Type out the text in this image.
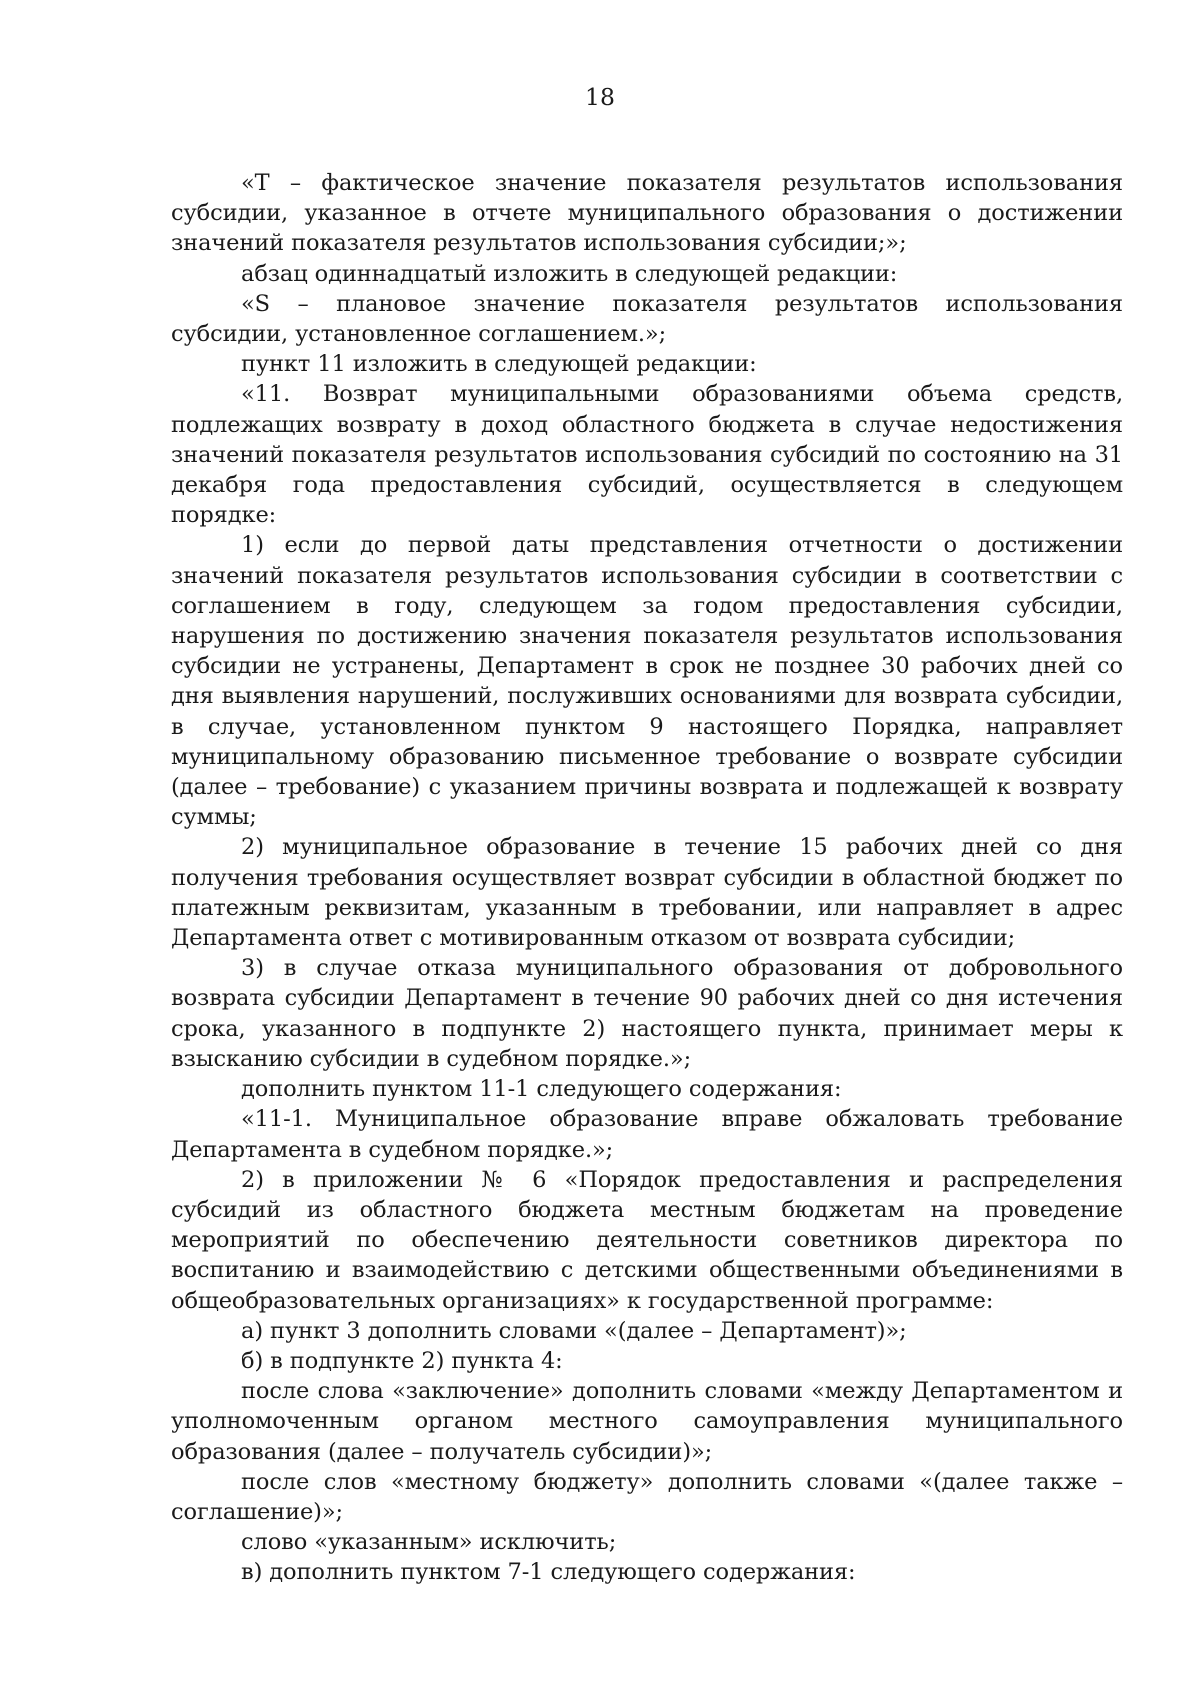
18

«Т – фактическое значение показателя результатов использования субсидии, указанное в отчете муниципального образования о достижении значений показателя результатов использования субсидии;»;

абзац одиннадцатый изложить в следующей редакции:

«S – плановое значение показателя результатов использования субсидии, установленное соглашением.»;

пункт 11 изложить в следующей редакции:

«11. Возврат муниципальными образованиями объема средств, подлежащих возврату в доход областного бюджета в случае недостижения значений показателя результатов использования субсидий по состоянию на 31 декабря года предоставления субсидий, осуществляется в следующем порядке:

1) если до первой даты представления отчетности о достижении значений показателя результатов использования субсидии в соответствии с соглашением в году, следующем за годом предоставления субсидии, нарушения по достижению значения показателя результатов использования субсидии не устранены, Департамент в срок не позднее 30 рабочих дней со дня выявления нарушений, послуживших основаниями для возврата субсидии, в случае, установленном пунктом 9 настоящего Порядка, направляет муниципальному образованию письменное требование о возврате субсидии (далее – требование) с указанием причины возврата и подлежащей к возврату суммы;

2) муниципальное образование в течение 15 рабочих дней со дня получения требования осуществляет возврат субсидии в областной бюджет по платежным реквизитам, указанным в требовании, или направляет в адрес Департамента ответ с мотивированным отказом от возврата субсидии;

3) в случае отказа муниципального образования от добровольного возврата субсидии Департамент в течение 90 рабочих дней со дня истечения срока, указанного в подпункте 2) настоящего пункта, принимает меры к взысканию субсидии в судебном порядке.»;

дополнить пунктом 11-1 следующего содержания:

«11-1. Муниципальное образование вправе обжаловать требование Департамента в судебном порядке.»;

2) в приложении № 6 «Порядок предоставления и распределения субсидий из областного бюджета местным бюджетам на проведение мероприятий по обеспечению деятельности советников директора по воспитанию и взаимодействию с детскими общественными объединениями в общеобразовательных организациях» к государственной программе:

а) пункт 3 дополнить словами «(далее – Департамент)»;

б) в подпункте 2) пункта 4:

после слова «заключение» дополнить словами «между Департаментом и уполномоченным органом местного самоуправления муниципального образования (далее – получатель субсидии)»;

после слов «местному бюджету» дополнить словами «(далее также – соглашение)»;

слово «указанным» исключить;

в) дополнить пунктом 7-1 следующего содержания:
